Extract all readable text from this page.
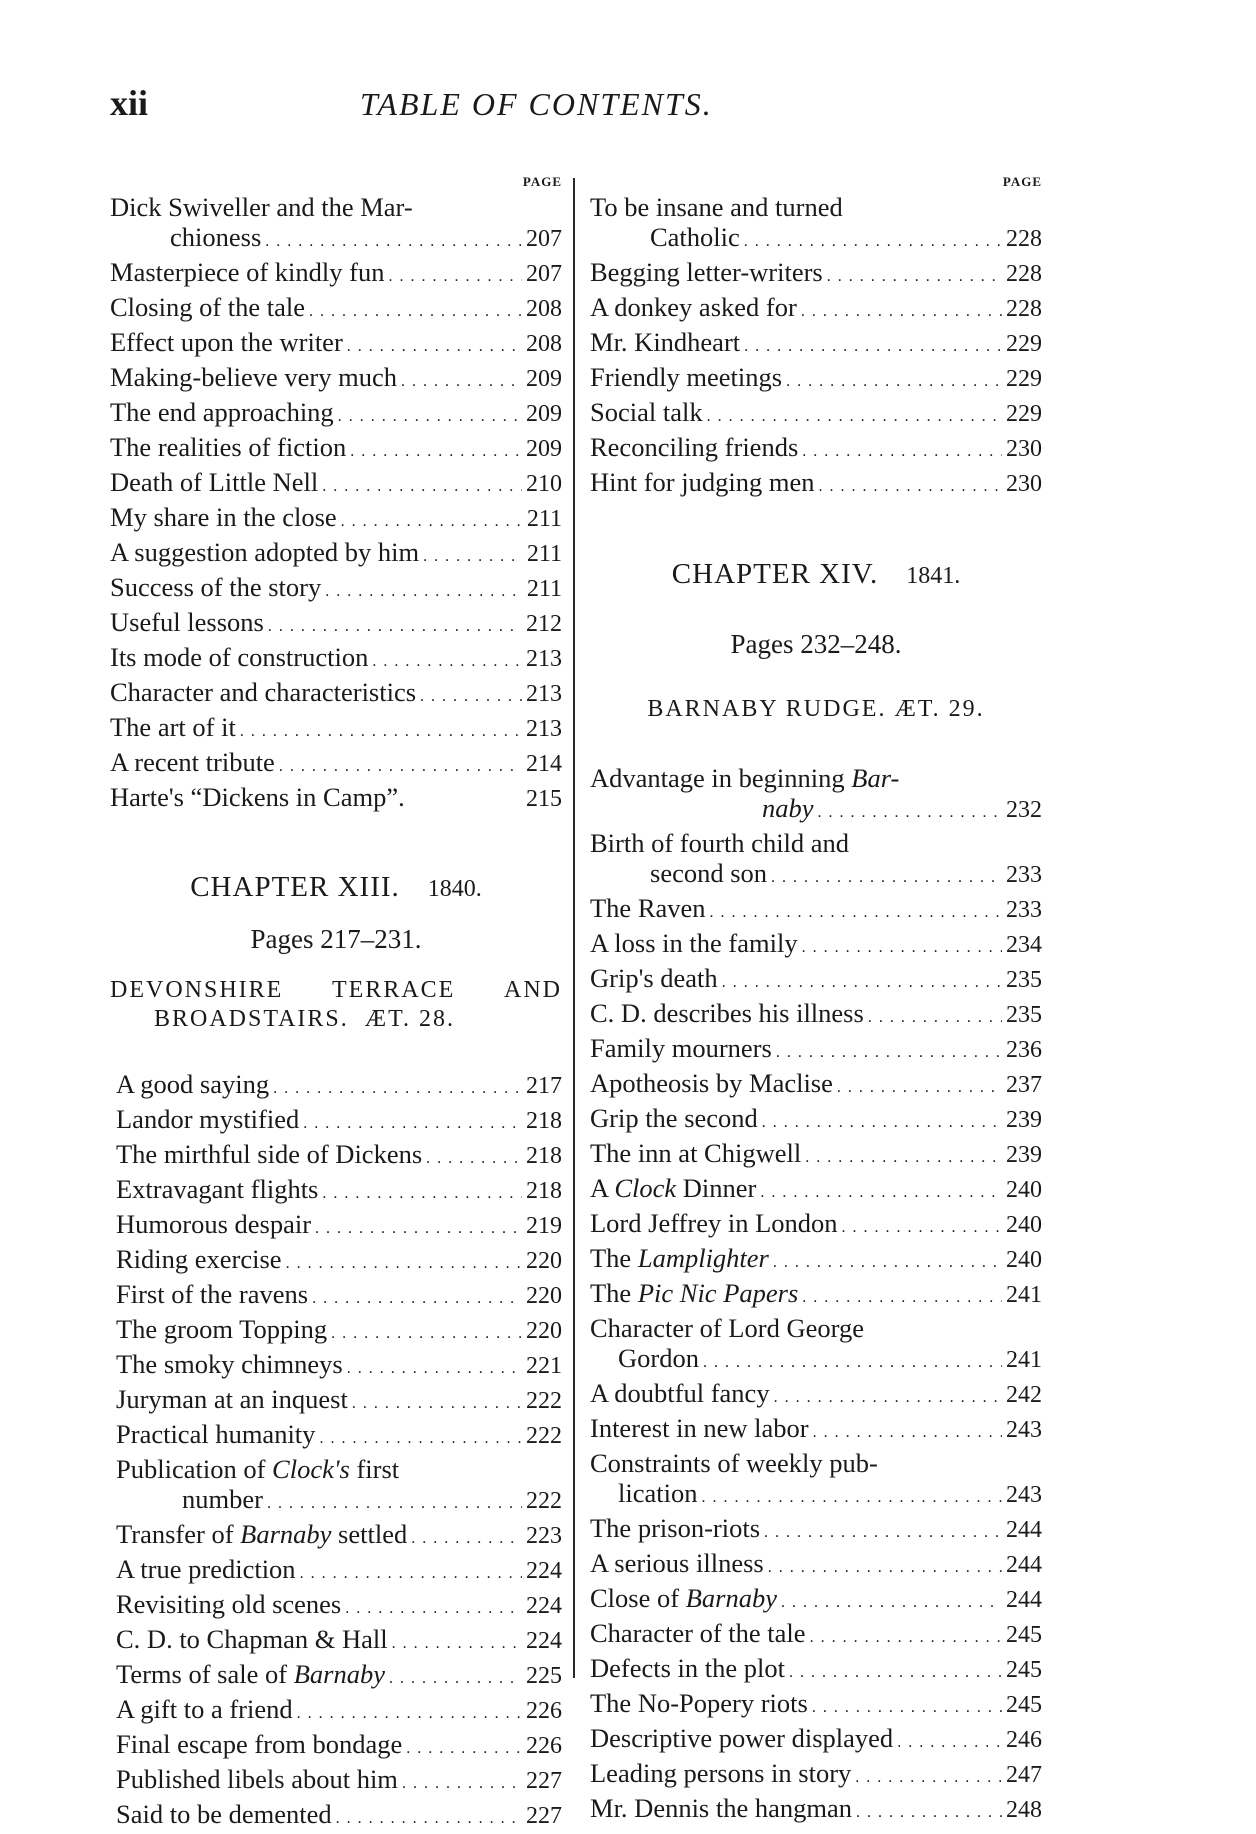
xii	TABLE OF CONTENTS.
PAGE
Dick Swiveller and the Mar-
chioness . . .	207
Masterpiece of kindly fun . . .	207
Closing of the tale . . .	208
Effect upon the writer . . .	208
Making-believe very much . . .	209
The end approaching . . .	209
The realities of fiction . . .	209
Death of Little Nell . . .	210
My share in the close . . .	211
A suggestion adopted by him . . .	211
Success of the story . . .	211
Useful lessons . . .	212
Its mode of construction . . .	213
Character and characteristics . . .	213
The art of it . . .	213
A recent tribute . . .	214
Harte's “Dickens in Camp”.	215
CHAPTER XIII. 1840.
Pages 217–231.
DEVONSHIRE TERRACE AND
BROADSTAIRS. ÆT. 28.
A good saying . . .	217
Landor mystified . . .	218
The mirthful side of Dickens . . .	218
Extravagant flights . . .	218
Humorous despair . . .	219
Riding exercise . . .	220
First of the ravens . . .	220
The groom Topping . . .	220
The smoky chimneys . . .	221
Juryman at an inquest . . .	222
Practical humanity . . .	222
Publication of Clock's first
number . . .	222
Transfer of Barnaby settled . . .	223
A true prediction . . .	224
Revisiting old scenes . . .	224
C. D. to Chapman & Hall . . .	224
Terms of sale of Barnaby . . .	225
A gift to a friend . . .	226
Final escape from bondage . . .	226
Published libels about him . . .	227
Said to be demented . . .	227
PAGE
To be insane and turned
Catholic . . .	228
Begging letter-writers . . .	228
A donkey asked for . . .	228
Mr. Kindheart . . .	229
Friendly meetings . . .	229
Social talk . . .	229
Reconciling friends . . .	230
Hint for judging men . . .	230
CHAPTER XIV. 1841.
Pages 232–248.
BARNABY RUDGE. ÆT. 29.
Advantage in beginning Bar-
naby . . .	232
Birth of fourth child and
second son . . .	233
The Raven . . .	233
A loss in the family . . .	234
Grip's death . . .	235
C. D. describes his illness . . .	235
Family mourners . . .	236
Apotheosis by Maclise . . .	237
Grip the second . . .	239
The inn at Chigwell . . .	239
A Clock Dinner . . .	240
Lord Jeffrey in London . . .	240
The Lamplighter . . .	240
The Pic Nic Papers . . .	241
Character of Lord George
Gordon . . .	241
A doubtful fancy . . .	242
Interest in new labor . . .	243
Constraints of weekly pub-
lication . . .	243
The prison-riots . . .	244
A serious illness . . .	244
Close of Barnaby . . .	244
Character of the tale . . .	245
Defects in the plot . . .	245
The No-Popery riots . . .	245
Descriptive power displayed . . .	246
Leading persons in story . . .	247
Mr. Dennis the hangman . . .	248
